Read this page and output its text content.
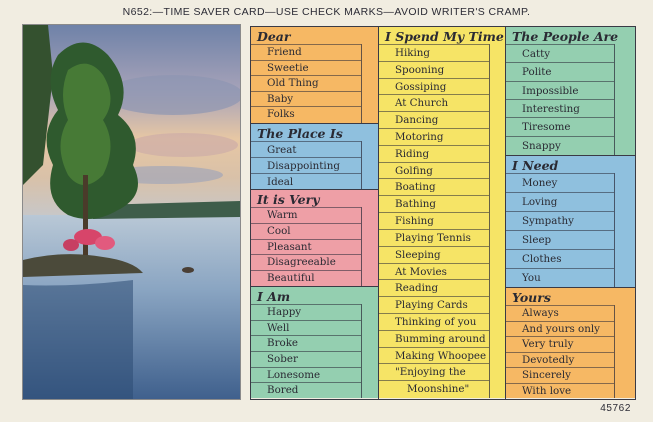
N652:—TIME SAVER CARD—USE CHECK MARKS—AVOID WRITER'S CRAMP.
Dear
Friend
Sweetie
Old Thing
Baby
Folks
The Place Is
Great
Disappointing
Ideal
It is Very
Warm
Cool
Pleasant
Disagreeable
Beautiful
I Am
Happy
Well
Broke
Sober
Lonesome
Bored
I Spend My Time
Hiking
Spooning
Gossiping
At Church
Dancing
Motoring
Riding
Golfing
Boating
Bathing
Fishing
Playing Tennis
Sleeping
At Movies
Reading
Playing Cards
Thinking of you
Bumming around
Making Whoopee
"Enjoying the
Moonshine"
The People Are
Catty
Polite
Impossible
Interesting
Tiresome
Snappy
I Need
Money
Loving
Sympathy
Sleep
Clothes
You
Yours
Always
And yours only
Very truly
Devotedly
Sincerely
With love
45762
